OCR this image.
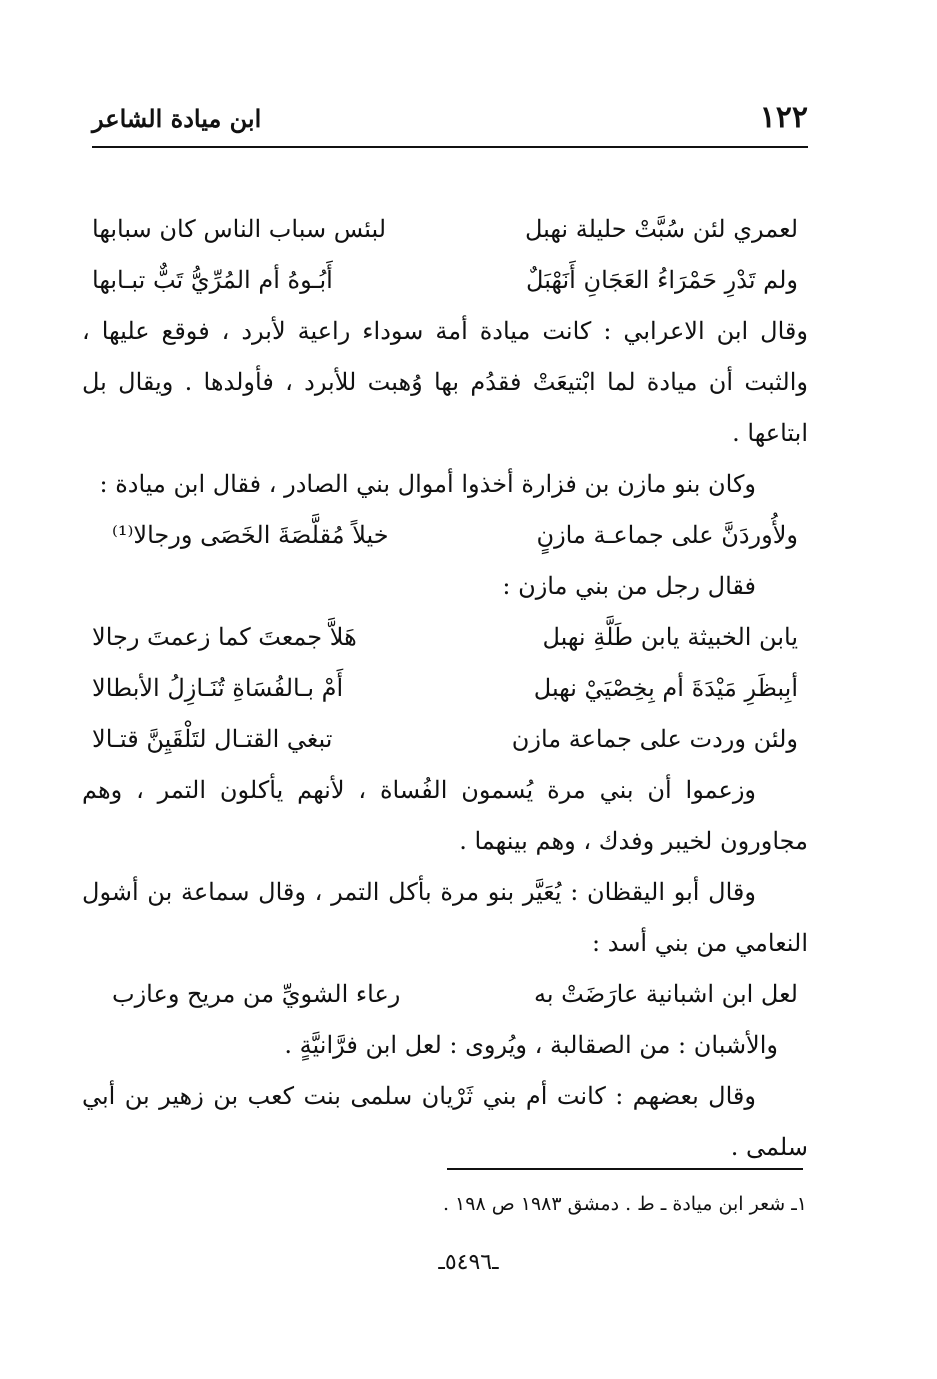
١٢٢
ابن ميادة الشاعر
لعمري لئن سُبَّتْ حليلة نهبل
لبئس سباب الناس كان سبابها
ولم تَدْرِ حَمْرَاءُ العَجَانِ أَنَهْبَلٌ
أَبُـوهُ أم المُرِّيُّ تَبٌّ تبـابها
وقال ابن الاعرابي : كانت ميادة أمة سوداء راعية لأبرد ، فوقع عليها ، والثبت أن ميادة لما ابْتيعَتْ فقدُم بها وُهبت للأبرد ، فأولدها . ويقال بل ابتاعها .
وكان بنو مازن بن فزارة أخذوا أموال بني الصادر ، فقال ابن ميادة :
ولأُوردَنَّ على جماعـة مازنٍ
خيلاً مُقلَّصَةَ الخَصَى ورجالا⁽¹⁾
فقال رجل من بني مازن :
يابن الخبيثة يابن طَلَّةِ نهبل
هَلاَّ جمعتَ كما زعمتَ رجالا
أبِبظَرِ مَيْدَةَ أم بِخِصْيَيْ نهبل
أَمْ بـالفُسَاةِ تُنَـازِلُ الأبطالا
ولئن وردت على جماعة مازن
تبغي القتـال لتَلْقَيِنَّ قتـالا
وزعموا أن بني مرة يُسمون الفُساة ، لأنهم يأكلون التمر ، وهم مجاورون لخيبر وفدك ، وهم بينهما .
وقال أبو اليقظان : يُعَيَّر بنو مرة بأكل التمر ، وقال سماعة بن أشول النعامي من بني أسد :
لعل ابن اشبانية عارَضَتْ به
رعاء الشويِّ من مريح وعازب
والأشبان : من الصقالبة ، ويُروى : لعل ابن فرَّانيَّةٍ .
وقال بعضهم : كانت أم بني ثَرْيان سلمى بنت كعب بن زهير بن أبي سلمى .
١ـ شعر ابن ميادة ـ ط . دمشق ١٩٨٣ ص ١٩٨ .
ـ٥٤٩٦ـ
